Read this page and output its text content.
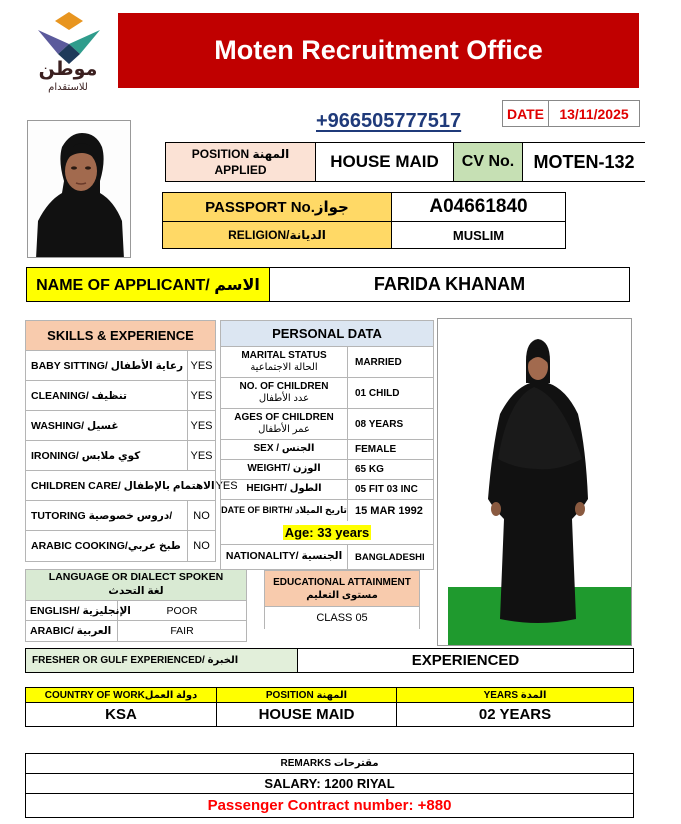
موطن
للاستقدام
Moten Recruitment Office
DATE	13/11/2025
+966505777517
POSITION المهنة
APPLIED	HOUSE MAID	CV No.	MOTEN-132
PASSPORT No.جواز	A04661840
RELIGION/الديانة	MUSLIM
NAME OF APPLICANT/ الاسم	FARIDA KHANAM
SKILLS & EXPERIENCE
BABY SITTING/ رعاية الأطفال YES
CLEANING/ تنظيف	YES
WASHING/ غسيل	YES
IRONING/ كوي ملابس	YES
CHILDREN CARE/ الاهتمام بالإطفال YES
TUTORING دروس خصوصية/	NO
ARABIC COOKING/طبخ عربي	NO
PERSONAL DATA
MARITAL STATUS
الحالة الاجتماعية	MARRIED
NO. OF CHILDREN
عدد الأطفال	01 CHILD
AGES OF CHILDREN
عمر الأطفال	08 YEARS
SEX / الجنس	FEMALE
WEIGHT/ الوزن	65 KG
HEIGHT/ الطول	05 FIT 03 INC
DATE OF BIRTH/ تاريخ الميلاد 15 MAR 1992
Age: 33 years
NATIONALITY/ الجنسية	BANGLADESHI
LANGUAGE OR DIALECT SPOKEN
لغة التحدث
ENGLISH/ الإنجليزية	POOR
ARABIC/ العربية	FAIR
EDUCATIONAL ATTAINMENT
مستوى التعليم
CLASS 05
FRESHER OR GULF EXPERIENCED/ الخبرة	EXPERIENCED
COUNTRY OF WORKدولة العمل	POSITION المهنة	YEARS المدة
KSA	HOUSE MAID	02 YEARS
REMARKS مقترحات
SALARY: 1200 RIYAL
Passenger Contract number: +880
